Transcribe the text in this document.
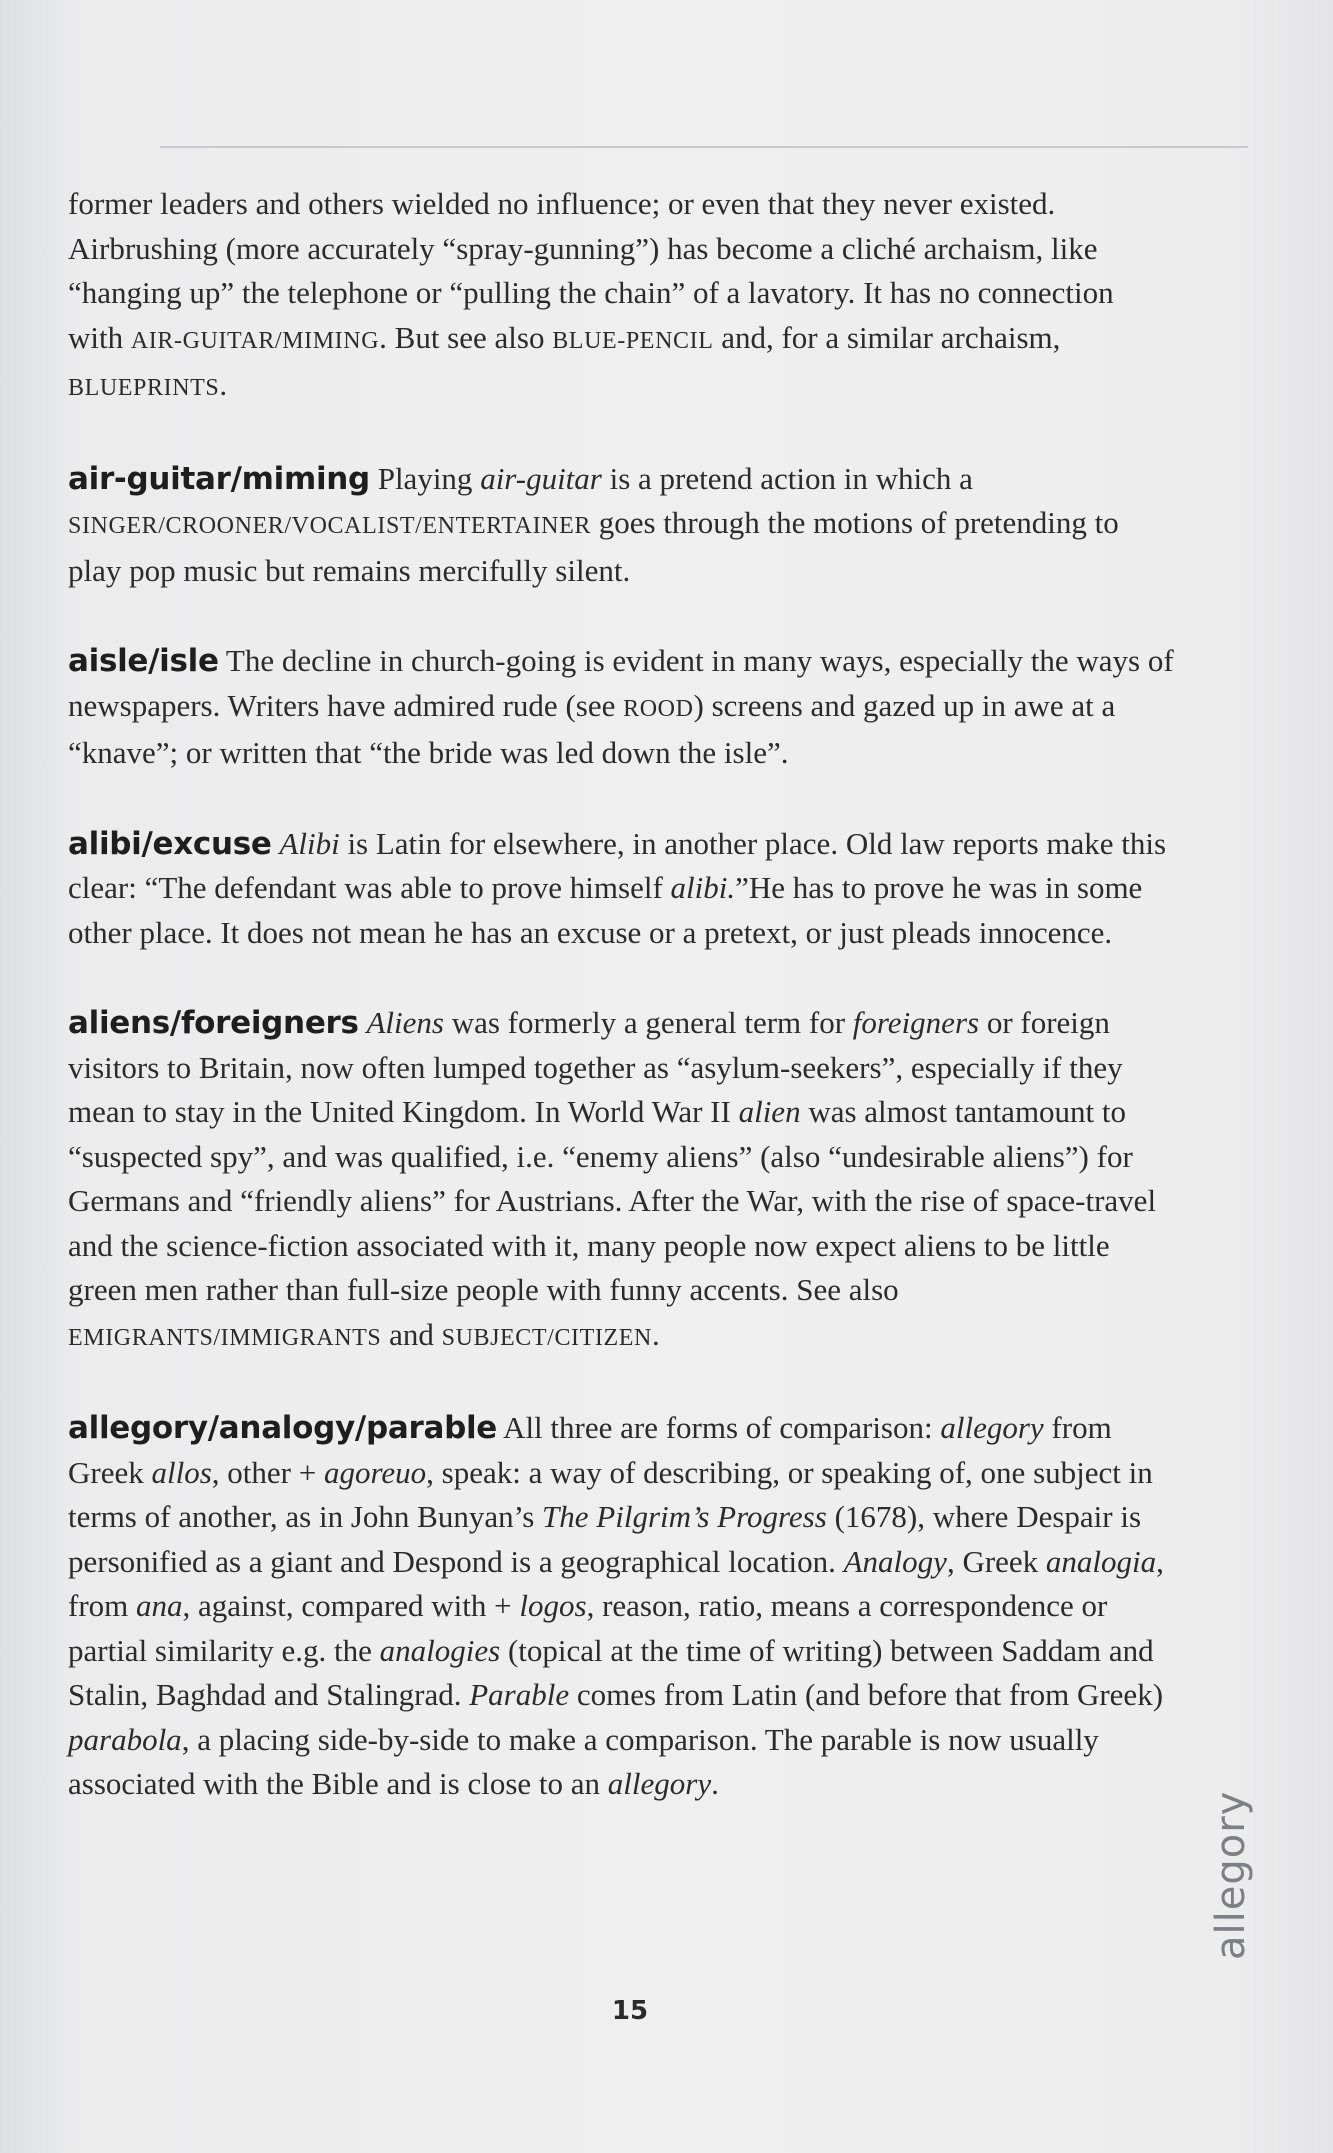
former leaders and others wielded no influence; or even that they never existed. Airbrushing (more accurately “spray-gunning”) has become a cliché archaism, like “hanging up” the telephone or “pulling the chain” of a lavatory. It has no connection with AIR-GUITAR/MIMING. But see also BLUE-PENCIL and, for a similar archaism, BLUEPRINTS.

air-guitar/miming Playing air-guitar is a pretend action in which a SINGER/CROONER/VOCALIST/ENTERTAINER goes through the motions of pretending to play pop music but remains mercifully silent.

aisle/isle The decline in church-going is evident in many ways, especially the ways of newspapers. Writers have admired rude (see ROOD) screens and gazed up in awe at a “knave”; or written that “the bride was led down the isle”.

alibi/excuse Alibi is Latin for elsewhere, in another place. Old law reports make this clear: “The defendant was able to prove himself alibi.”He has to prove he was in some other place. It does not mean he has an excuse or a pretext, or just pleads innocence.

aliens/foreigners Aliens was formerly a general term for foreigners or foreign visitors to Britain, now often lumped together as “asylum-seekers”, especially if they mean to stay in the United Kingdom. In World War II alien was almost tantamount to “suspected spy”, and was qualified, i.e. “enemy aliens” (also “undesirable aliens”) for Germans and “friendly aliens” for Austrians. After the War, with the rise of space-travel and the science-fiction associated with it, many people now expect aliens to be little green men rather than full-size people with funny accents. See also EMIGRANTS/IMMIGRANTS and SUBJECT/CITIZEN.

allegory/analogy/parable All three are forms of comparison: allegory from Greek allos, other + agoreuo, speak: a way of describing, or speaking of, one subject in terms of another, as in John Bunyan’s The Pilgrim’s Progress (1678), where Despair is personified as a giant and Despond is a geographical location. Analogy, Greek analogia, from ana, against, compared with + logos, reason, ratio, means a correspondence or partial similarity e.g. the analogies (topical at the time of writing) between Saddam and Stalin, Baghdad and Stalingrad. Parable comes from Latin (and before that from Greek) parabola, a placing side-by-side to make a comparison. The parable is now usually associated with the Bible and is close to an allegory.

15
allegory
